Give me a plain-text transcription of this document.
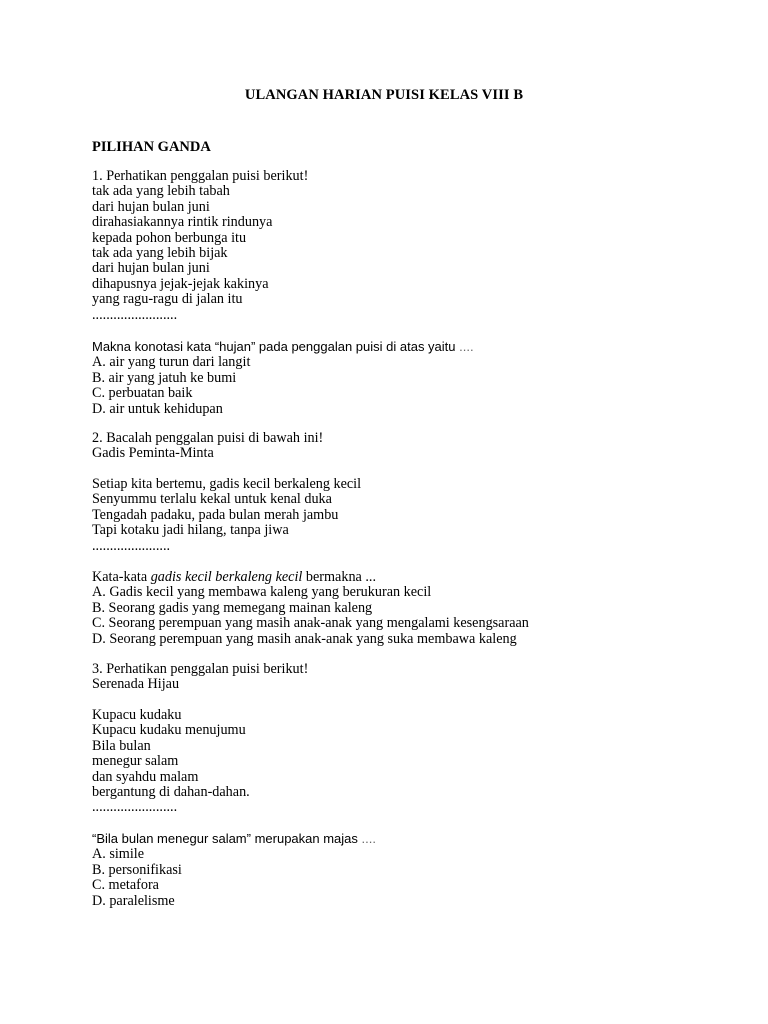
ULANGAN HARIAN PUISI KELAS VIII B
PILIHAN GANDA
1. Perhatikan penggalan puisi berikut!
tak ada yang lebih tabah
dari hujan bulan juni
dirahasiakannya rintik rindunya
kepada pohon berbunga itu
tak ada yang lebih bijak
dari hujan bulan juni
dihapusnya jejak-jejak kakinya
yang ragu-ragu di jalan itu
........................
Makna konotasi kata “hujan” pada penggalan puisi di atas yaitu ....
A. air yang turun dari langit
B. air yang jatuh ke bumi
C. perbuatan baik
D. air untuk kehidupan
2. Bacalah penggalan puisi di bawah ini!
Gadis Peminta-Minta
Setiap kita bertemu, gadis kecil berkaleng kecil
Senyummu terlalu kekal untuk kenal duka
Tengadah padaku, pada bulan merah jambu
Tapi kotaku jadi hilang, tanpa jiwa
......................
Kata-kata gadis kecil berkaleng kecil bermakna ...
A. Gadis kecil yang membawa kaleng yang berukuran kecil
B. Seorang gadis yang memegang mainan kaleng
C. Seorang perempuan yang masih anak-anak yang mengalami kesengsaraan
D. Seorang perempuan yang masih anak-anak yang suka membawa kaleng
3. Perhatikan penggalan puisi berikut!
Serenada Hijau
Kupacu kudaku
Kupacu kudaku menujumu
Bila bulan
menegur salam
dan syahdu malam
bergantung di dahan-dahan.
........................
“Bila bulan menegur salam” merupakan majas ....
A. simile
B. personifikasi
C. metafora
D. paralelisme
